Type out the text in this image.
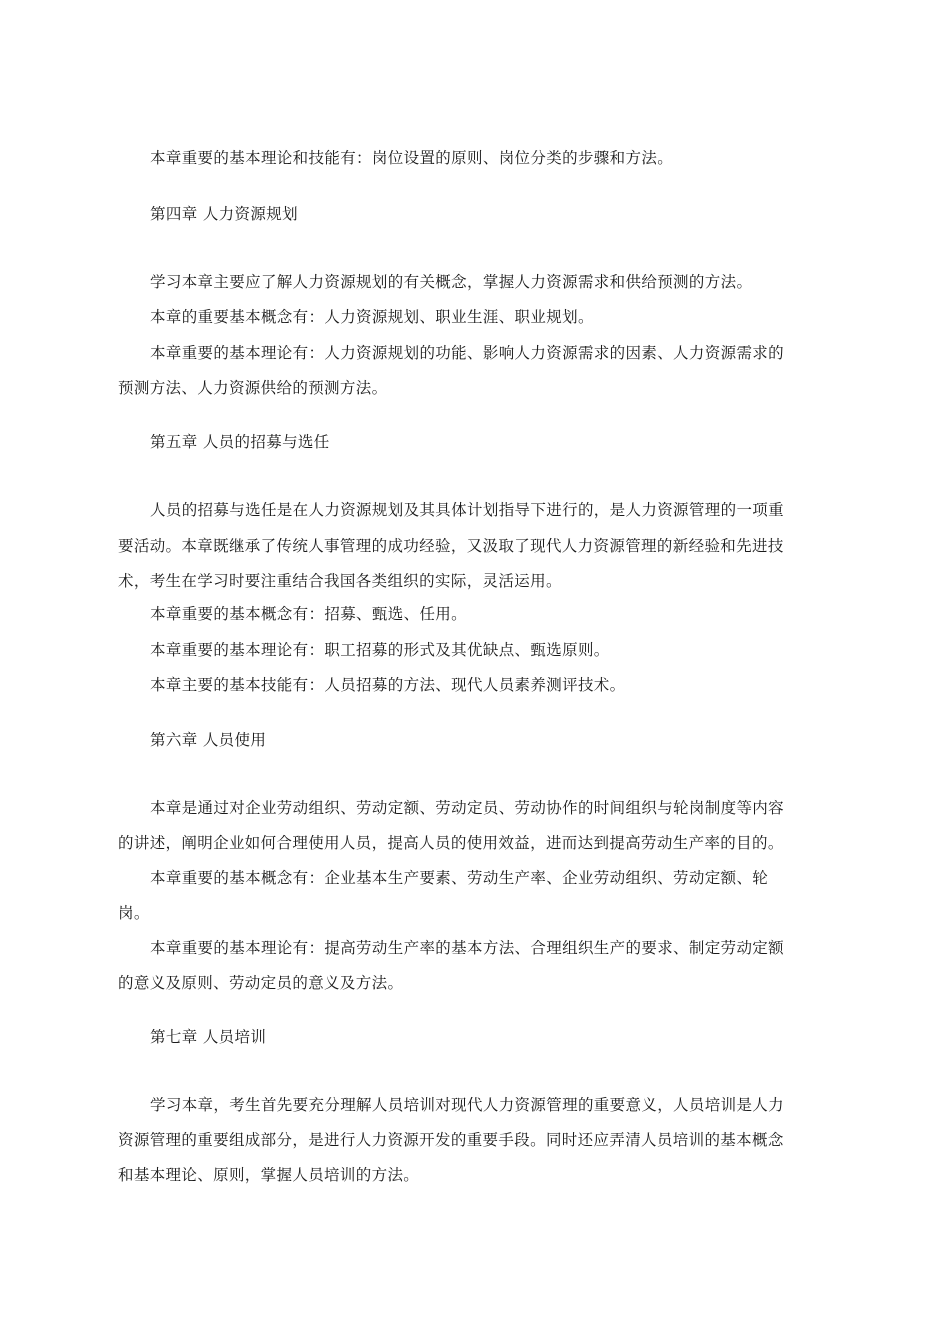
本章重要的基本理论和技能有：岗位设置的原则、岗位分类的步骤和方法。
第四章 人力资源规划
学习本章主要应了解人力资源规划的有关概念，掌握人力资源需求和供给预测的方法。
本章的重要基本概念有：人力资源规划、职业生涯、职业规划。
本章重要的基本理论有：人力资源规划的功能、影响人力资源需求的因素、人力资源需求的
预测方法、人力资源供给的预测方法。
第五章 人员的招募与选任
人员的招募与选任是在人力资源规划及其具体计划指导下进行的，是人力资源管理的一项重
要活动。本章既继承了传统人事管理的成功经验，又汲取了现代人力资源管理的新经验和先进技
术，考生在学习时要注重结合我国各类组织的实际，灵活运用。
本章重要的基本概念有：招募、甄选、任用。
本章重要的基本理论有：职工招募的形式及其优缺点、甄选原则。
本章主要的基本技能有：人员招募的方法、现代人员素养测评技术。
第六章 人员使用
本章是通过对企业劳动组织、劳动定额、劳动定员、劳动协作的时间组织与轮岗制度等内容
的讲述，阐明企业如何合理使用人员，提高人员的使用效益，进而达到提高劳动生产率的目的。
本章重要的基本概念有：企业基本生产要素、劳动生产率、企业劳动组织、劳动定额、轮
岗。
本章重要的基本理论有：提高劳动生产率的基本方法、合理组织生产的要求、制定劳动定额
的意义及原则、劳动定员的意义及方法。
第七章 人员培训
学习本章，考生首先要充分理解人员培训对现代人力资源管理的重要意义，人员培训是人力
资源管理的重要组成部分，是进行人力资源开发的重要手段。同时还应弄清人员培训的基本概念
和基本理论、原则，掌握人员培训的方法。
